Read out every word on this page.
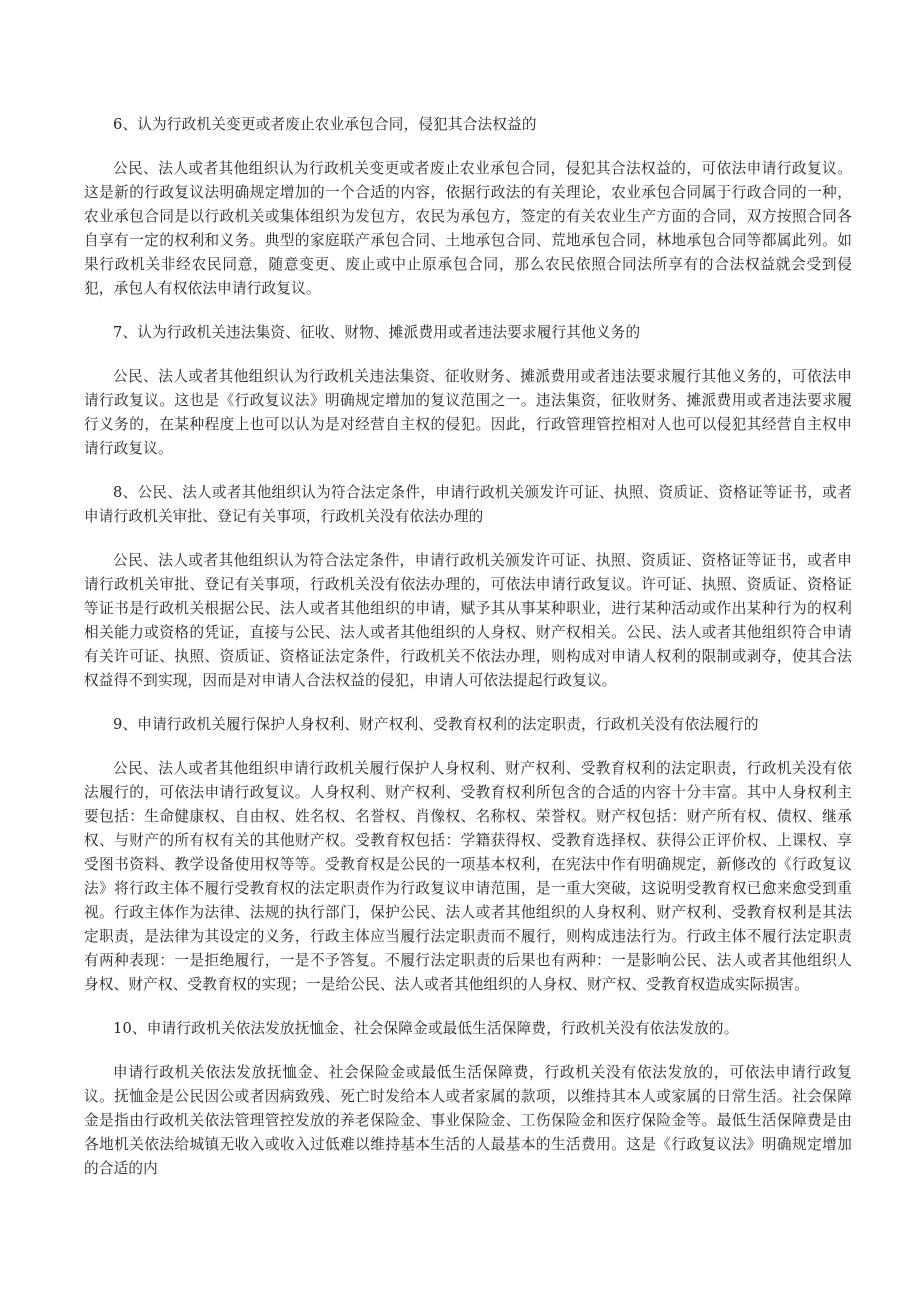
6、认为行政机关变更或者废止农业承包合同，侵犯其合法权益的

公民、法人或者其他组织认为行政机关变更或者废止农业承包合同，侵犯其合法权益的，可依法申请行政复议。这是新的行政复议法明确规定增加的一个合适的内容，依据行政法的有关理论，农业承包合同属于行政合同的一种，农业承包合同是以行政机关或集体组织为发包方，农民为承包方，签定的有关农业生产方面的合同，双方按照合同各自享有一定的权利和义务。典型的家庭联产承包合同、土地承包合同、荒地承包合同，林地承包合同等都属此列。如果行政机关非经农民同意，随意变更、废止或中止原承包合同，那么农民依照合同法所享有的合法权益就会受到侵犯，承包人有权依法申请行政复议。

7、认为行政机关违法集资、征收、财物、摊派费用或者违法要求履行其他义务的

公民、法人或者其他组织认为行政机关违法集资、征收财务、摊派费用或者违法要求履行其他义务的，可依法申请行政复议。这也是《行政复议法》明确规定增加的复议范围之一。违法集资，征收财务、摊派费用或者违法要求履行义务的，在某种程度上也可以认为是对经营自主权的侵犯。因此，行政管理管控相对人也可以侵犯其经营自主权申请行政复议。

8、公民、法人或者其他组织认为符合法定条件，申请行政机关颁发许可证、执照、资质证、资格证等证书，或者申请行政机关审批、登记有关事项，行政机关没有依法办理的

公民、法人或者其他组织认为符合法定条件，申请行政机关颁发许可证、执照、资质证、资格证等证书，或者申请行政机关审批、登记有关事项，行政机关没有依法办理的，可依法申请行政复议。许可证、执照、资质证、资格证等证书是行政机关根据公民、法人或者其他组织的申请，赋予其从事某种职业，进行某种活动或作出某种行为的权利相关能力或资格的凭证，直接与公民、法人或者其他组织的人身权、财产权相关。公民、法人或者其他组织符合申请有关许可证、执照、资质证、资格证法定条件，行政机关不依法办理，则构成对申请人权利的限制或剥夺，使其合法权益得不到实现，因而是对申请人合法权益的侵犯，申请人可依法提起行政复议。

9、申请行政机关履行保护人身权利、财产权利、受教育权利的法定职责，行政机关没有依法履行的

公民、法人或者其他组织申请行政机关履行保护人身权利、财产权利、受教育权利的法定职责，行政机关没有依法履行的，可依法申请行政复议。人身权利、财产权利、受教育权利所包含的合适的内容十分丰富。其中人身权利主要包括：生命健康权、自由权、姓名权、名誉权、肖像权、名称权、荣誉权。财产权包括：财产所有权、债权、继承权、与财产的所有权有关的其他财产权。受教育权包括：学籍获得权、受教育选择权、获得公正评价权、上课权、享受图书资料、教学设备使用权等等。受教育权是公民的一项基本权利，在宪法中作有明确规定，新修改的《行政复议法》将行政主体不履行受教育权的法定职责作为行政复议申请范围，是一重大突破，这说明受教育权已愈来愈受到重视。行政主体作为法律、法规的执行部门，保护公民、法人或者其他组织的人身权利、财产权利、受教育权利是其法定职责，是法律为其设定的义务，行政主体应当履行法定职责而不履行，则构成违法行为。行政主体不履行法定职责有两种表现：一是拒绝履行，一是不予答复。不履行法定职责的后果也有两种：一是影响公民、法人或者其他组织人身权、财产权、受教育权的实现；一是给公民、法人或者其他组织的人身权、财产权、受教育权造成实际损害。

10、申请行政机关依法发放抚恤金、社会保障金或最低生活保障费，行政机关没有依法发放的。

申请行政机关依法发放抚恤金、社会保险金或最低生活保障费，行政机关没有依法发放的，可依法申请行政复议。抚恤金是公民因公或者因病致残、死亡时发给本人或者家属的款项，以维持其本人或家属的日常生活。社会保障金是指由行政机关依法管理管控发放的养老保险金、事业保险金、工伤保险金和医疗保险金等。最低生活保障费是由各地机关依法给城镇无收入或收入过低难以维持基本生活的人最基本的生活费用。这是《行政复议法》明确规定增加的合适的内
